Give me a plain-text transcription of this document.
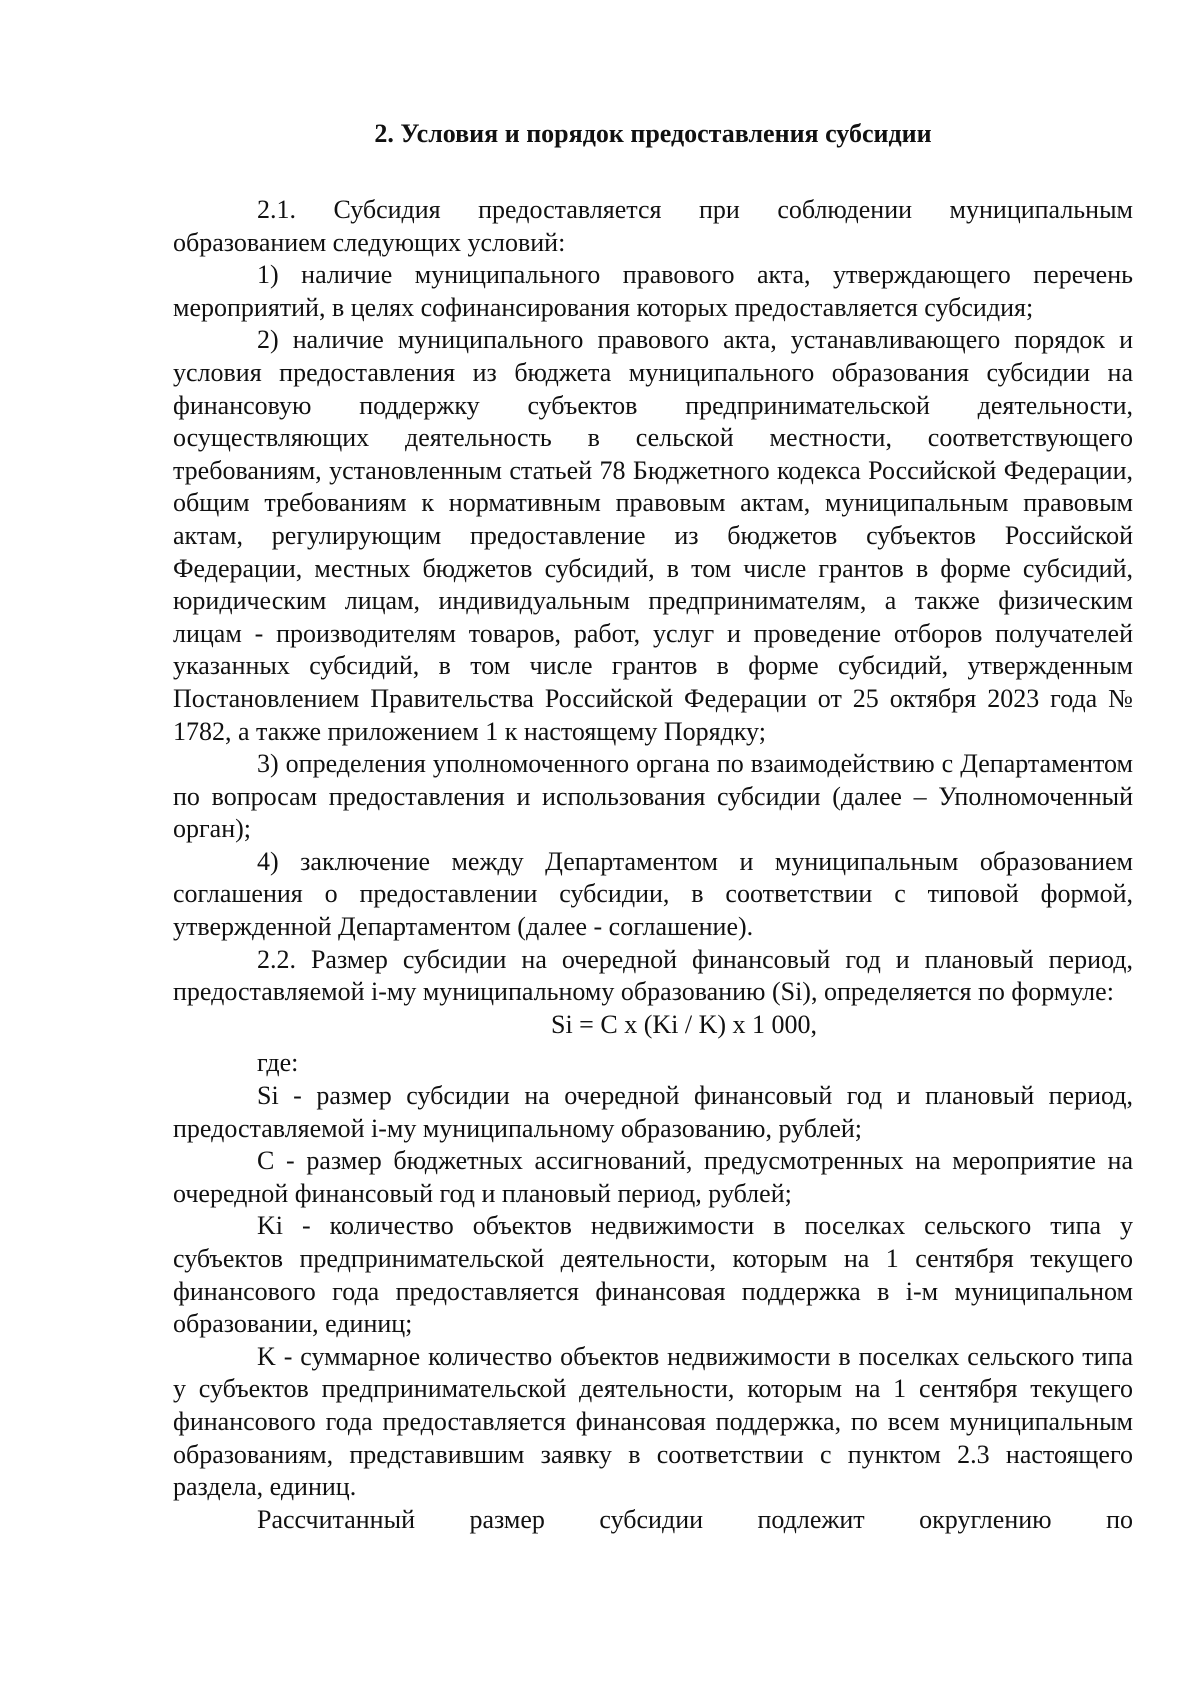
2. Условия и порядок предоставления субсидии

2.1. Субсидия предоставляется при соблюдении муниципальным образованием следующих условий:

1) наличие муниципального правового акта, утверждающего перечень мероприятий, в целях софинансирования которых предоставляется субсидия;

2) наличие муниципального правового акта, устанавливающего порядок и условия предоставления из бюджета муниципального образования субсидии на финансовую поддержку субъектов предпринимательской деятельности, осуществляющих деятельность в сельской местности, соответствующего требованиям, установленным статьей 78 Бюджетного кодекса Российской Федерации, общим требованиям к нормативным правовым актам, муниципальным правовым актам, регулирующим предоставление из бюджетов субъектов Российской Федерации, местных бюджетов субсидий, в том числе грантов в форме субсидий, юридическим лицам, индивидуальным предпринимателям, а также физическим лицам - производителям товаров, работ, услуг и проведение отборов получателей указанных субсидий, в том числе грантов в форме субсидий, утвержденным Постановлением Правительства Российской Федерации от 25 октября 2023 года № 1782, а также приложением 1 к настоящему Порядку;

3) определения уполномоченного органа по взаимодействию с Департаментом по вопросам предоставления и использования субсидии (далее – Уполномоченный орган);

4) заключение между Департаментом и муниципальным образованием соглашения о предоставлении субсидии, в соответствии с типовой формой, утвержденной Департаментом (далее - соглашение).

2.2. Размер субсидии на очередной финансовый год и плановый период, предоставляемой i-му муниципальному образованию (Si), определяется по формуле:

Si = C x (Ki / K) x 1 000,

где:

Si - размер субсидии на очередной финансовый год и плановый период, предоставляемой i-му муниципальному образованию, рублей;

C - размер бюджетных ассигнований, предусмотренных на мероприятие на очередной финансовый год и плановый период, рублей;

Ki - количество объектов недвижимости в поселках сельского типа у субъектов предпринимательской деятельности, которым на 1 сентября текущего финансового года предоставляется финансовая поддержка в i-м муниципальном образовании, единиц;

K - суммарное количество объектов недвижимости в поселках сельского типа у субъектов предпринимательской деятельности, которым на 1 сентября текущего финансового года предоставляется финансовая поддержка, по всем муниципальным образованиям, представившим заявку в соответствии с пунктом 2.3 настоящего раздела, единиц.

Рассчитанный размер субсидии подлежит округлению по
